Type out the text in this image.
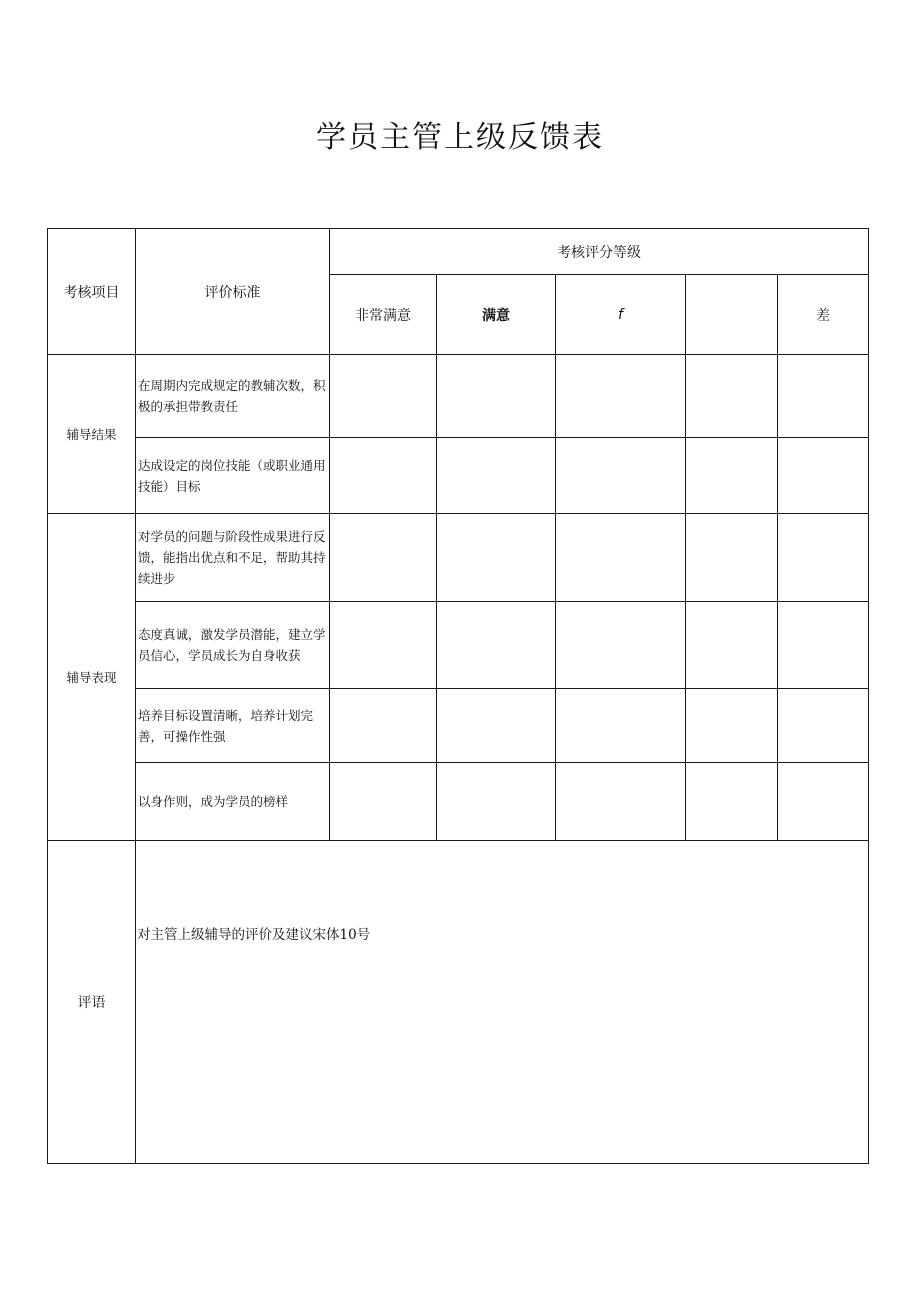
学员主管上级反馈表
考核项目	评价标准	考核评分等级				
		非常满意	满意	f		差
辅导结果	在周期内完成规定的教辅次数，积极的承担带教责任					
	达成设定的岗位技能（或职业通用技能）目标					
辅导表现	对学员的问题与阶段性成果进行反馈，能指出优点和不足，帮助其持续进步					
	态度真诚，激发学员潜能，建立学员信心，学员成长为自身收获					
	培养目标设置清晰，培养计划完善，可操作性强					
	以身作则，成为学员的榜样					
评语	对主管上级辅导的评价及建议宋体10号					
